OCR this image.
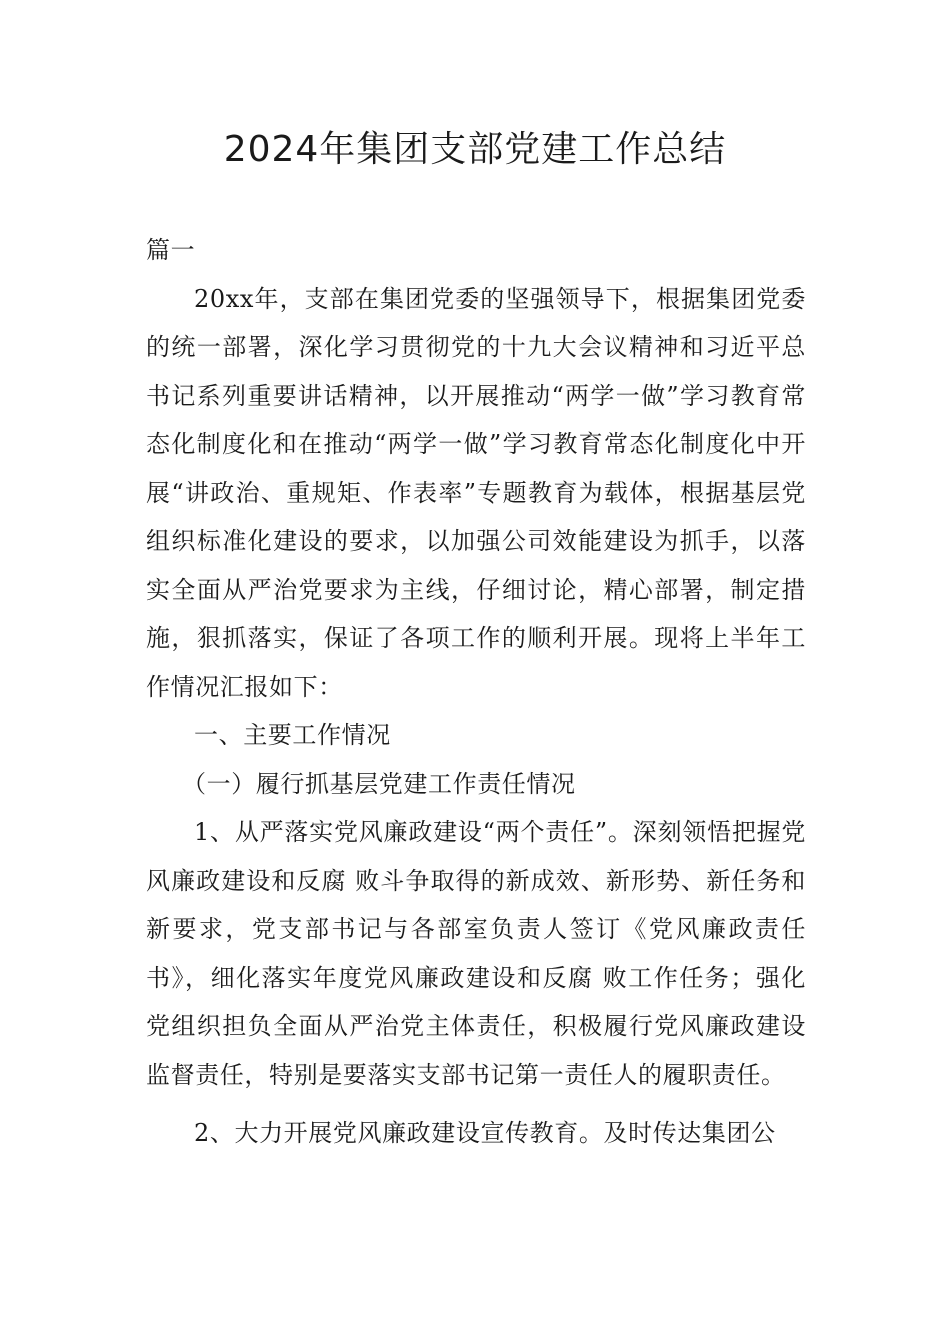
2024年集团支部党建工作总结

篇一

20xx年，支部在集团党委的坚强领导下，根据集团党委的统一部署，深化学习贯彻党的十九大会议精神和习近平总书记系列重要讲话精神，以开展推动“两学一做”学习教育常态化制度化和在推动“两学一做”学习教育常态化制度化中开展“讲政治、重规矩、作表率”专题教育为载体，根据基层党组织标准化建设的要求，以加强公司效能建设为抓手，以落实全面从严治党要求为主线，仔细讨论，精心部署，制定措施，狠抓落实，保证了各项工作的顺利开展。现将上半年工作情况汇报如下：

一、主要工作情况

（一）履行抓基层党建工作责任情况

1、从严落实党风廉政建设“两个责任”。深刻领悟把握党风廉政建设和反腐 败斗争取得的新成效、新形势、新任务和新要求，党支部书记与各部室负责人签订《党风廉政责任书》，细化落实年度党风廉政建设和反腐 败工作任务；强化党组织担负全面从严治党主体责任，积极履行党风廉政建设监督责任，特别是要落实支部书记第一责任人的履职责任。

2、大力开展党风廉政建设宣传教育。及时传达集团公
